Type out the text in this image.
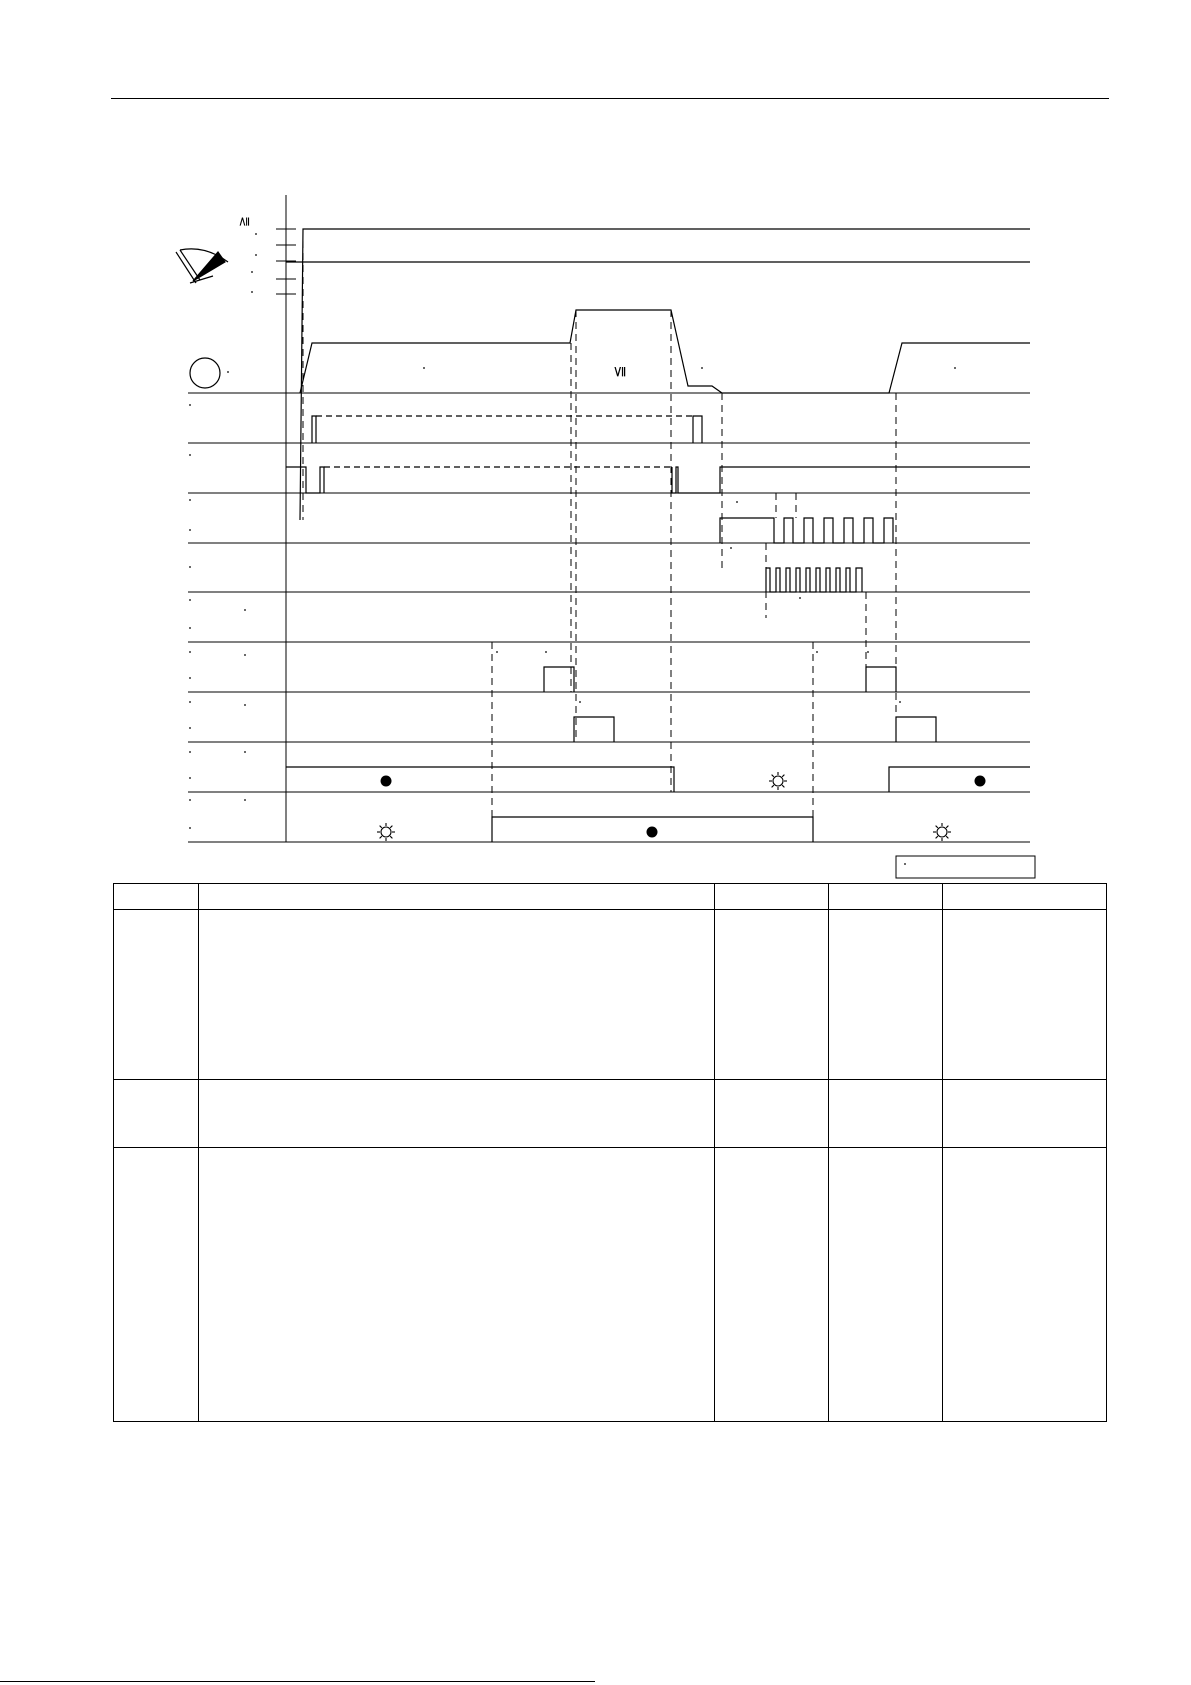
≧
≦
